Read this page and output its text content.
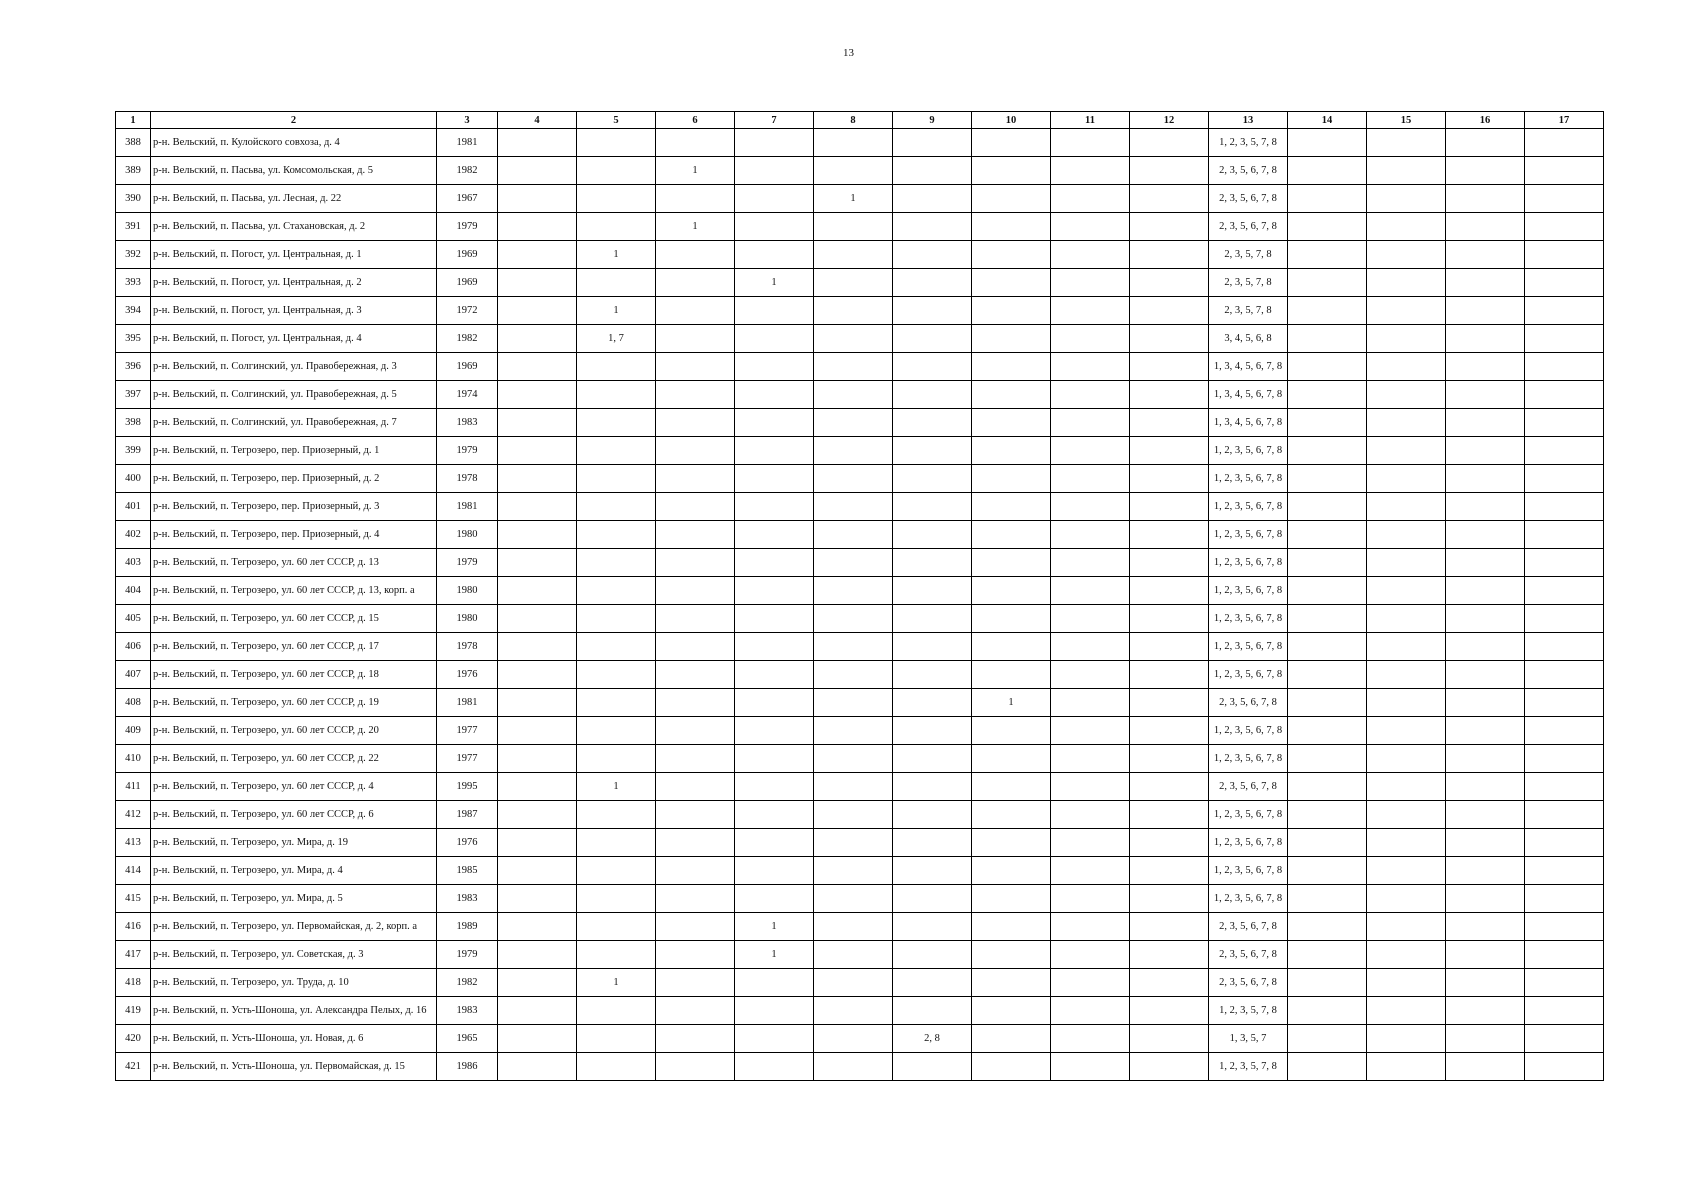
13
1	2	3	4	5	6	7	8	9	10	11	12	13	14	15	16	17
388	р-н. Вельский, п. Кулойского совхоза, д. 4	1981										1, 2, 3, 5, 7, 8				
389	р-н. Вельский, п. Пасьва, ул. Комсомольская, д. 5	1982			1							2, 3, 5, 6, 7, 8				
390	р-н. Вельский, п. Пасьва, ул. Лесная, д. 22	1967					1					2, 3, 5, 6, 7, 8				
391	р-н. Вельский, п. Пасьва, ул. Стахановская, д. 2	1979			1							2, 3, 5, 6, 7, 8				
392	р-н. Вельский, п. Погост, ул. Центральная, д. 1	1969		1								2, 3, 5, 7, 8				
393	р-н. Вельский, п. Погост, ул. Центральная, д. 2	1969				1						2, 3, 5, 7, 8				
394	р-н. Вельский, п. Погост, ул. Центральная, д. 3	1972		1								2, 3, 5, 7, 8				
395	р-н. Вельский, п. Погост, ул. Центральная, д. 4	1982		1, 7								3, 4, 5, 6, 8				
396	р-н. Вельский, п. Солгинский, ул. Правобережная, д. 3	1969										1, 3, 4, 5, 6, 7, 8				
397	р-н. Вельский, п. Солгинский, ул. Правобережная, д. 5	1974										1, 3, 4, 5, 6, 7, 8				
398	р-н. Вельский, п. Солгинский, ул. Правобережная, д. 7	1983										1, 3, 4, 5, 6, 7, 8				
399	р-н. Вельский, п. Тегрозеро, пер. Приозерный, д. 1	1979										1, 2, 3, 5, 6, 7, 8				
400	р-н. Вельский, п. Тегрозеро, пер. Приозерный, д. 2	1978										1, 2, 3, 5, 6, 7, 8				
401	р-н. Вельский, п. Тегрозеро, пер. Приозерный, д. 3	1981										1, 2, 3, 5, 6, 7, 8				
402	р-н. Вельский, п. Тегрозеро, пер. Приозерный, д. 4	1980										1, 2, 3, 5, 6, 7, 8				
403	р-н. Вельский, п. Тегрозеро, ул. 60 лет СССР, д. 13	1979										1, 2, 3, 5, 6, 7, 8				
404	р-н. Вельский, п. Тегрозеро, ул. 60 лет СССР, д. 13, корп. а	1980										1, 2, 3, 5, 6, 7, 8				
405	р-н. Вельский, п. Тегрозеро, ул. 60 лет СССР, д. 15	1980										1, 2, 3, 5, 6, 7, 8				
406	р-н. Вельский, п. Тегрозеро, ул. 60 лет СССР, д. 17	1978										1, 2, 3, 5, 6, 7, 8				
407	р-н. Вельский, п. Тегрозеро, ул. 60 лет СССР, д. 18	1976										1, 2, 3, 5, 6, 7, 8				
408	р-н. Вельский, п. Тегрозеро, ул. 60 лет СССР, д. 19	1981							1			2, 3, 5, 6, 7, 8				
409	р-н. Вельский, п. Тегрозеро, ул. 60 лет СССР, д. 20	1977										1, 2, 3, 5, 6, 7, 8				
410	р-н. Вельский, п. Тегрозеро, ул. 60 лет СССР, д. 22	1977										1, 2, 3, 5, 6, 7, 8				
411	р-н. Вельский, п. Тегрозеро, ул. 60 лет СССР, д. 4	1995		1								2, 3, 5, 6, 7, 8				
412	р-н. Вельский, п. Тегрозеро, ул. 60 лет СССР, д. 6	1987										1, 2, 3, 5, 6, 7, 8				
413	р-н. Вельский, п. Тегрозеро, ул. Мира, д. 19	1976										1, 2, 3, 5, 6, 7, 8				
414	р-н. Вельский, п. Тегрозеро, ул. Мира, д. 4	1985										1, 2, 3, 5, 6, 7, 8				
415	р-н. Вельский, п. Тегрозеро, ул. Мира, д. 5	1983										1, 2, 3, 5, 6, 7, 8				
416	р-н. Вельский, п. Тегрозеро, ул. Первомайская, д. 2, корп. а	1989				1						2, 3, 5, 6, 7, 8				
417	р-н. Вельский, п. Тегрозеро, ул. Советская, д. 3	1979				1						2, 3, 5, 6, 7, 8				
418	р-н. Вельский, п. Тегрозеро, ул. Труда, д. 10	1982		1								2, 3, 5, 6, 7, 8				
419	р-н. Вельский, п. Усть-Шоноша, ул. Александра Пелых, д. 16	1983										1, 2, 3, 5, 7, 8				
420	р-н. Вельский, п. Усть-Шоноша, ул. Новая, д. 6	1965						2, 8				1, 3, 5, 7				
421	р-н. Вельский, п. Усть-Шоноша, ул. Первомайская, д. 15	1986										1, 2, 3, 5, 7, 8				
